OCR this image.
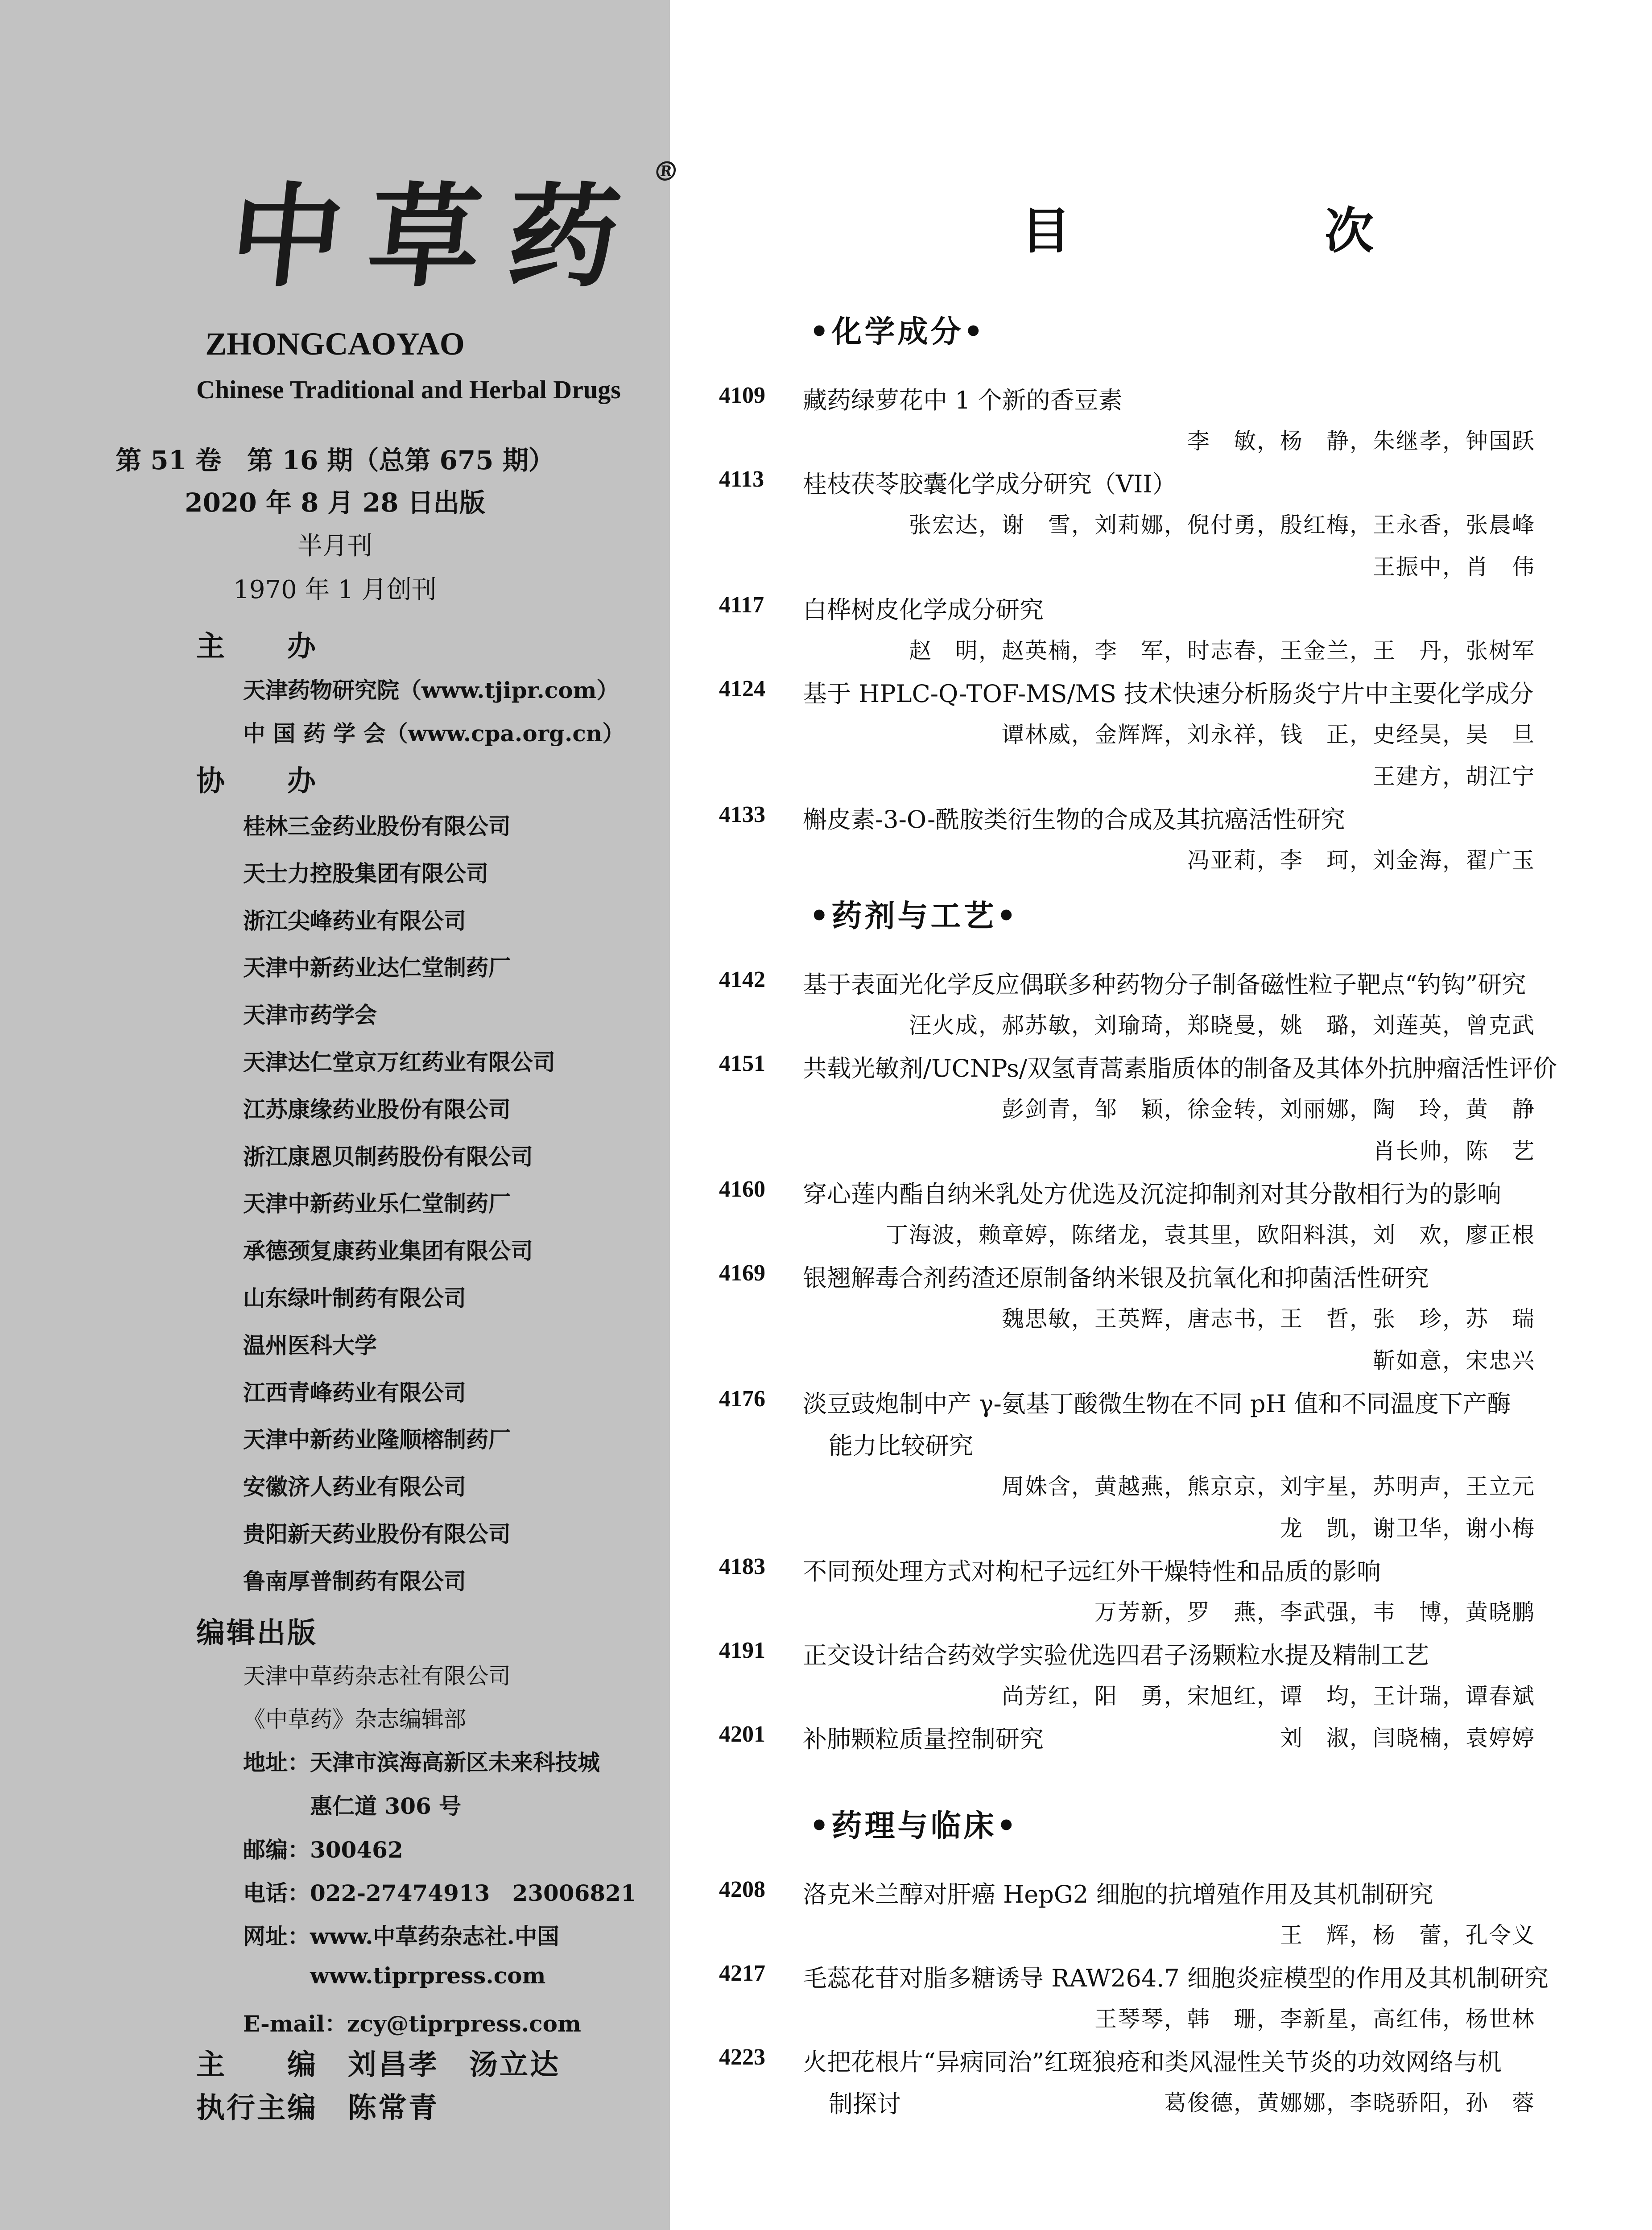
中草药®
ZHONGCAOYAO
Chinese Traditional and Herbal Drugs
第 51 卷　第 16 期（总第 675 期）
2020 年 8 月 28 日出版
半月刊
1970 年 1 月创刊
主　　办
天津药物研究院（www.tjipr.com）
中 国 药 学 会（www.cpa.org.cn）
协　　办
桂林三金药业股份有限公司
天士力控股集团有限公司
浙江尖峰药业有限公司
天津中新药业达仁堂制药厂
天津市药学会
天津达仁堂京万红药业有限公司
江苏康缘药业股份有限公司
浙江康恩贝制药股份有限公司
天津中新药业乐仁堂制药厂
承德颈复康药业集团有限公司
山东绿叶制药有限公司
温州医科大学
江西青峰药业有限公司
天津中新药业隆顺榕制药厂
安徽济人药业有限公司
贵阳新天药业股份有限公司
鲁南厚普制药有限公司
编辑出版
天津中草药杂志社有限公司
《中草药》杂志编辑部
地址：天津市滨海高新区未来科技城
惠仁道 306 号
邮编：300462
电话：022-27474913　23006821
网址：www.中草药杂志社.中国
www.tiprpress.com
E-mail：zcy@tiprpress.com
主　　编　刘昌孝　汤立达
执行主编　陈常青
目　次
•化学成分•
4109 藏药绿萝花中 1 个新的香豆素
李　敏，杨　静，朱继孝，钟国跃
4113 桂枝茯苓胶囊化学成分研究（VII）
张宏达，谢　雪，刘莉娜，倪付勇，殷红梅，王永香，张晨峰
王振中，肖　伟
4117 白桦树皮化学成分研究
赵　明，赵英楠，李　军，时志春，王金兰，王　丹，张树军
4124 基于 HPLC-Q-TOF-MS/MS 技术快速分析肠炎宁片中主要化学成分
谭林威，金辉辉，刘永祥，钱　正，史经昊，吴　旦
王建方，胡江宁
4133 槲皮素-3-O-酰胺类衍生物的合成及其抗癌活性研究
冯亚莉，李　珂，刘金海，翟广玉
•药剂与工艺•
4142 基于表面光化学反应偶联多种药物分子制备磁性粒子靶点“钓钩”研究
汪火成，郝苏敏，刘瑜琦，郑晓曼，姚　璐，刘莲英，曾克武
4151 共载光敏剂/UCNPs/双氢青蒿素脂质体的制备及其体外抗肿瘤活性评价
彭剑青，邹　颖，徐金转，刘丽娜，陶　玲，黄　静
肖长帅，陈　艺
4160 穿心莲内酯自纳米乳处方优选及沉淀抑制剂对其分散相行为的影响
丁海波，赖章婷，陈绪龙，袁其里，欧阳料淇，刘　欢，廖正根
4169 银翘解毒合剂药渣还原制备纳米银及抗氧化和抑菌活性研究
魏思敏，王英辉，唐志书，王　哲，张　珍，苏　瑞
靳如意，宋忠兴
4176 淡豆豉炮制中产 γ-氨基丁酸微生物在不同 pH 值和不同温度下产酶
能力比较研究
周姝含，黄越燕，熊京京，刘宇星，苏明声，王立元
龙　凯，谢卫华，谢小梅
4183 不同预处理方式对枸杞子远红外干燥特性和品质的影响
万芳新，罗　燕，李武强，韦　博，黄晓鹏
4191 正交设计结合药效学实验优选四君子汤颗粒水提及精制工艺
尚芳红，阳　勇，宋旭红，谭　均，王计瑞，谭春斌
4201 补肺颗粒质量控制研究	刘　淑，闫晓楠，袁婷婷
•药理与临床•
4208 洛克米兰醇对肝癌 HepG2 细胞的抗增殖作用及其机制研究
王　辉，杨　蕾，孔令义
4217 毛蕊花苷对脂多糖诱导 RAW264.7 细胞炎症模型的作用及其机制研究
王琴琴，韩　珊，李新星，高红伟，杨世林
4223 火把花根片“异病同治”红斑狼疮和类风湿性关节炎的功效网络与机
制探讨	葛俊德，黄娜娜，李晓骄阳，孙　蓉
